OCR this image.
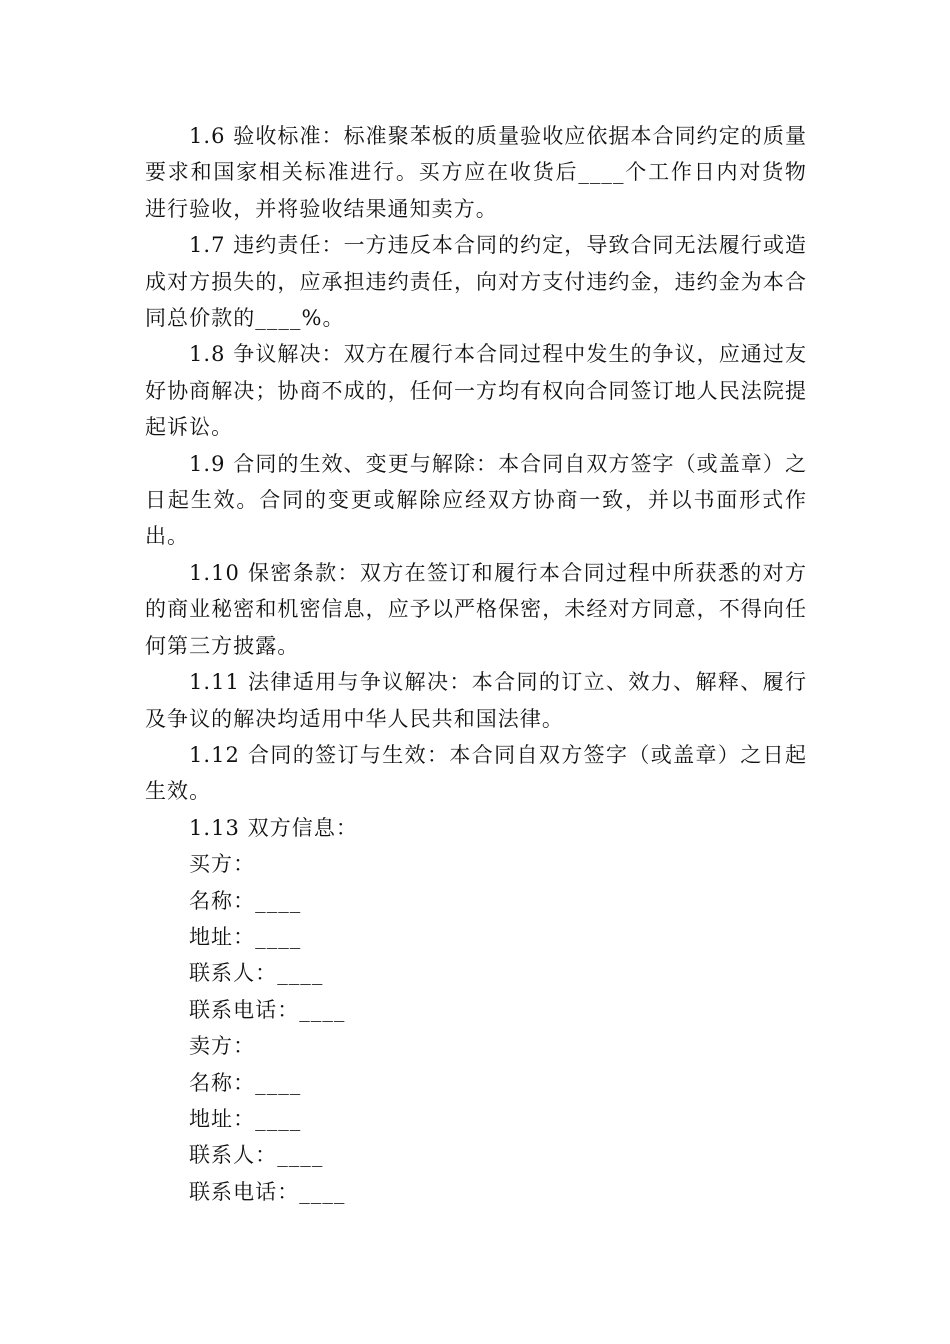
1.6 验收标准：标准聚苯板的质量验收应依据本合同约定的质量要求和国家相关标准进行。买方应在收货后____个工作日内对货物进行验收，并将验收结果通知卖方。

1.7 违约责任：一方违反本合同的约定，导致合同无法履行或造成对方损失的，应承担违约责任，向对方支付违约金，违约金为本合同总价款的____%。

1.8 争议解决：双方在履行本合同过程中发生的争议，应通过友好协商解决；协商不成的，任何一方均有权向合同签订地人民法院提起诉讼。

1.9 合同的生效、变更与解除：本合同自双方签字（或盖章）之日起生效。合同的变更或解除应经双方协商一致，并以书面形式作出。

1.10 保密条款：双方在签订和履行本合同过程中所获悉的对方的商业秘密和机密信息，应予以严格保密，未经对方同意，不得向任何第三方披露。

1.11 法律适用与争议解决：本合同的订立、效力、解释、履行及争议的解决均适用中华人民共和国法律。

1.12 合同的签订与生效：本合同自双方签字（或盖章）之日起生效。

1.13 双方信息：

买方：

名称：____

地址：____

联系人：____

联系电话：____

卖方：

名称：____

地址：____

联系人：____

联系电话：____
